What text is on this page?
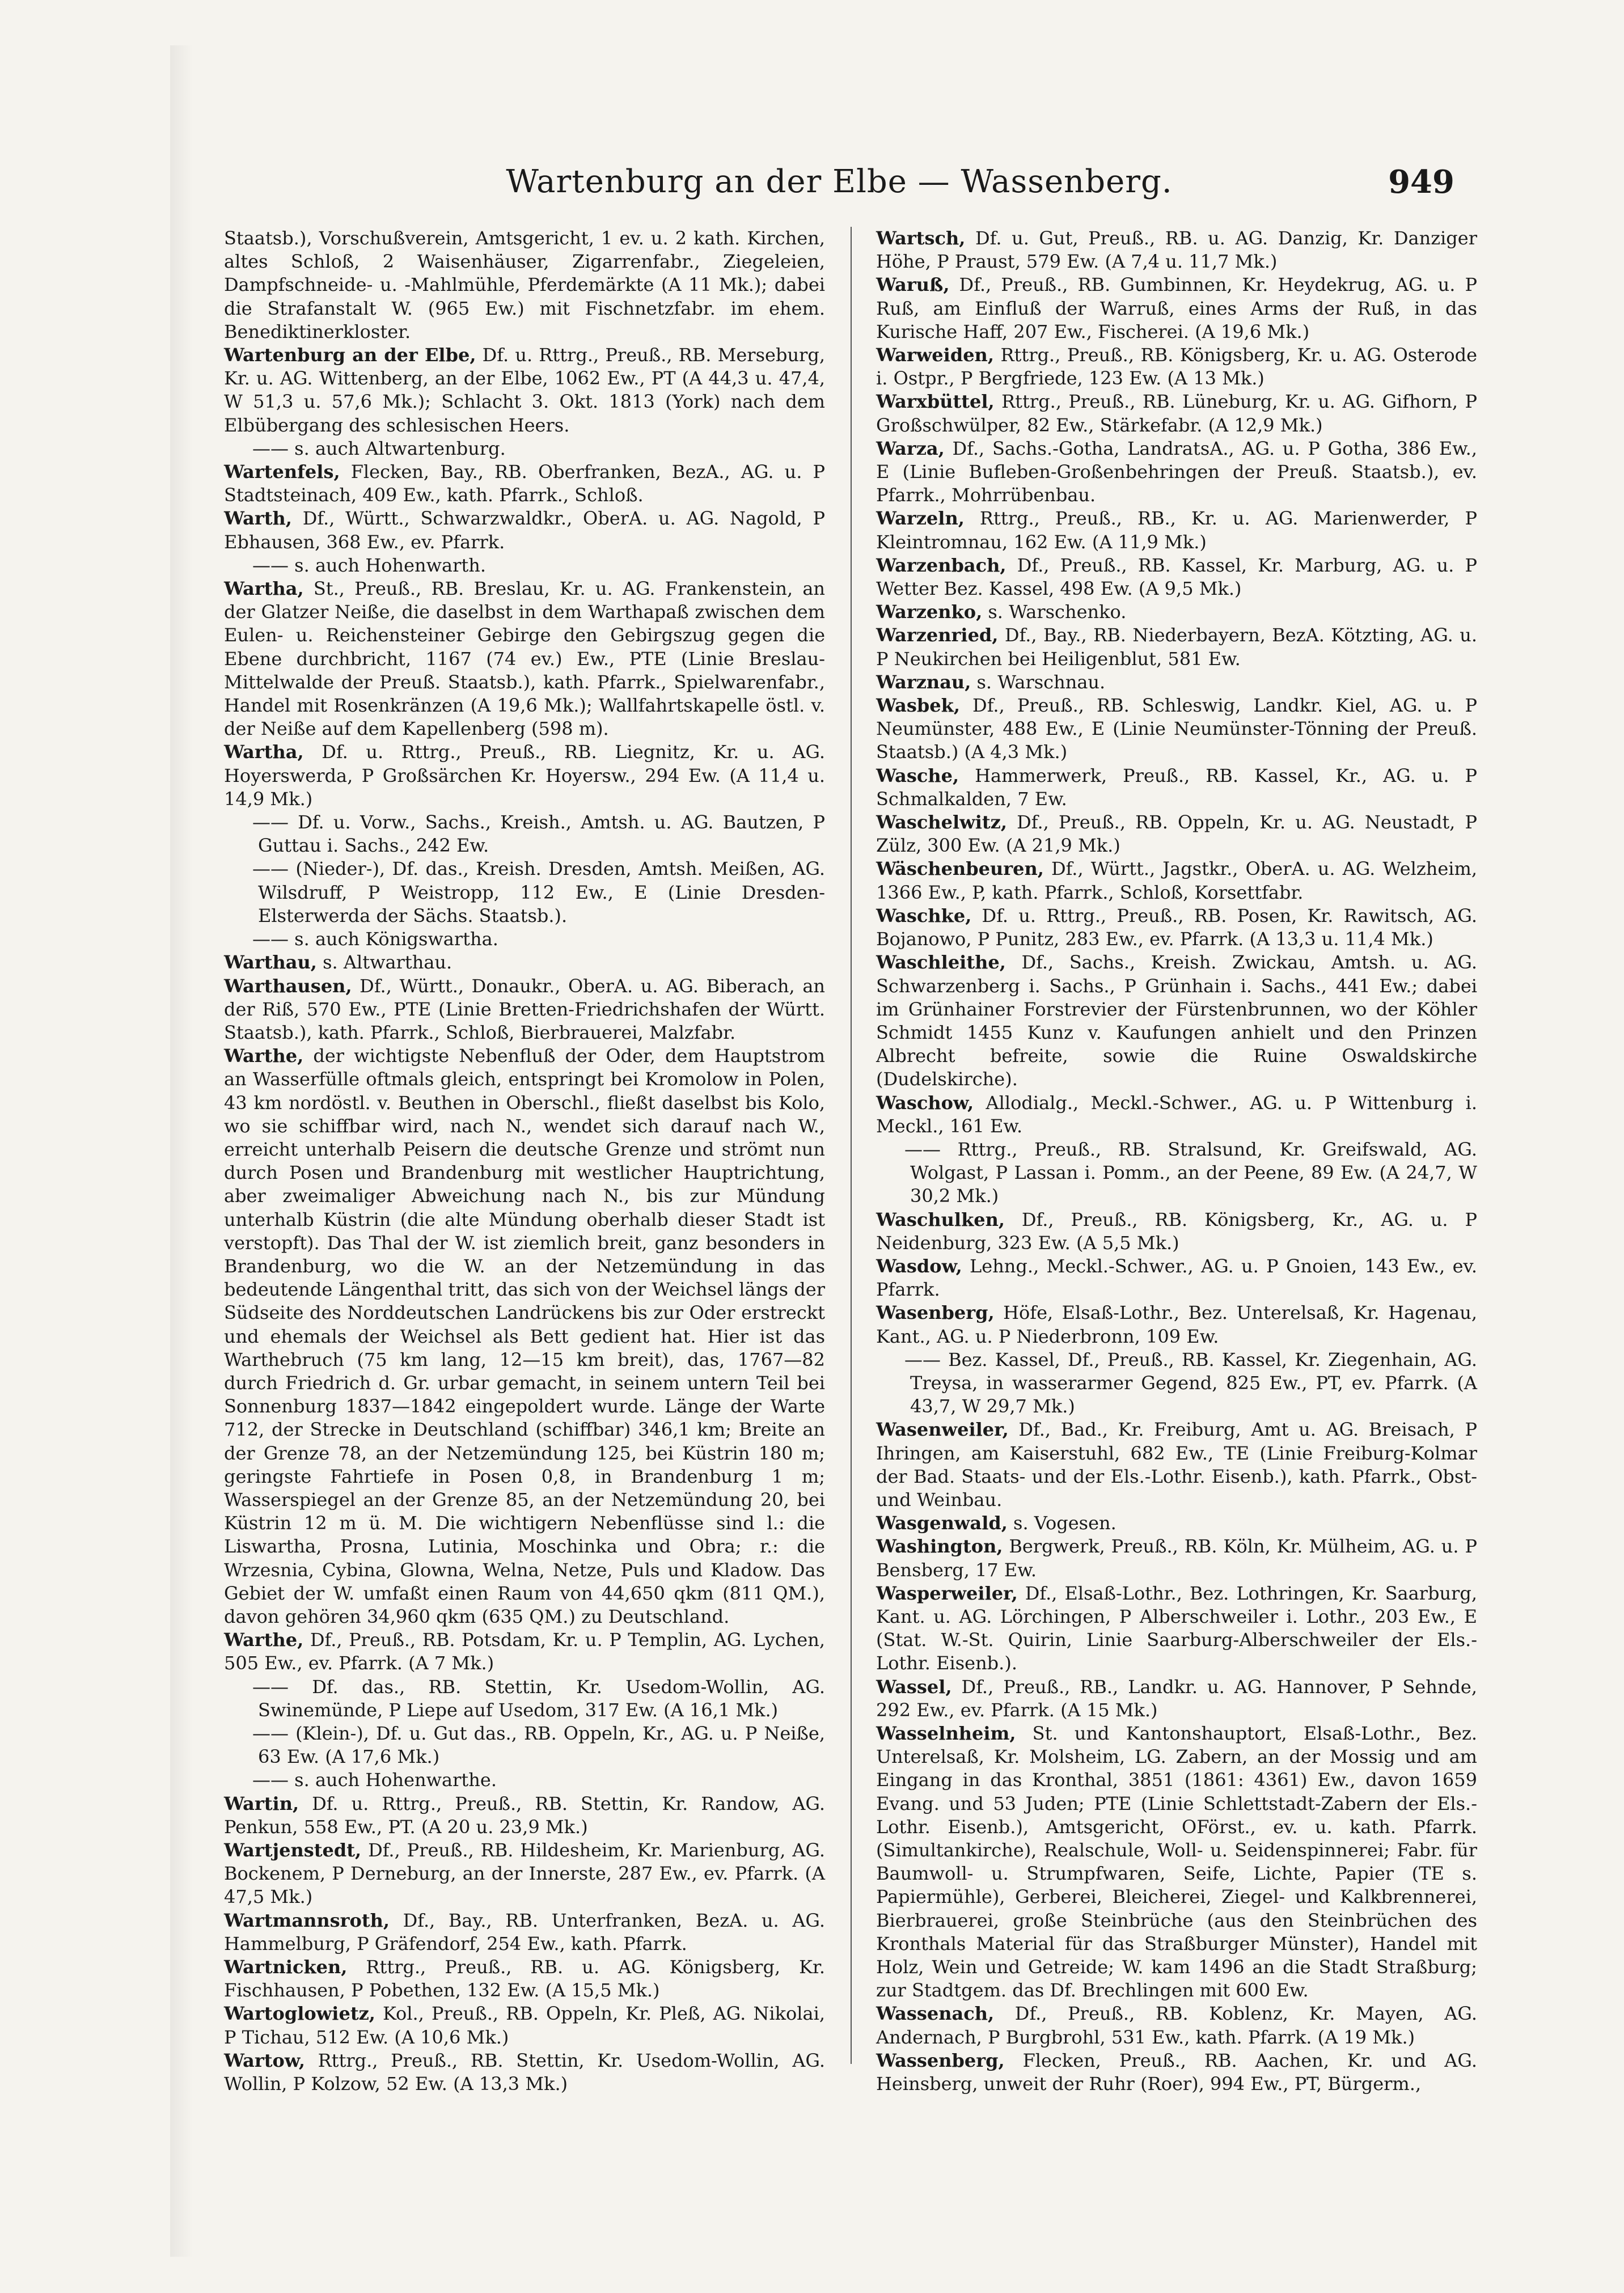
Wartenburg an der Elbe — Wassenberg.	949

Staatsb.), Vorschußverein, Amtsgericht, 1 ev. u. 2 kath. Kirchen, altes Schloß, 2 Waisenhäuser, Zigarrenfabr., Ziegeleien, Dampfschneide- u. -Mahlmühle, Pferdemärkte (A 11 Mk.); dabei die Strafanstalt W. (965 Ew.) mit Fischnetzfabr. im ehem. Benediktinerkloster.

Wartenburg an der Elbe, Df. u. Rttrg., Preuß., RB. Merseburg, Kr. u. AG. Wittenberg, an der Elbe, 1062 Ew., PT (A 44,3 u. 47,4, W 51,3 u. 57,6 Mk.); Schlacht 3. Okt. 1813 (York) nach dem Elbübergang des schlesischen Heers.

—— s. auch Altwartenburg.

Wartenfels, Flecken, Bay., RB. Oberfranken, BezA., AG. u. P Stadtsteinach, 409 Ew., kath. Pfarrk., Schloß.

Warth, Df., Württ., Schwarzwaldkr., OberA. u. AG. Nagold, P Ebhausen, 368 Ew., ev. Pfarrk.

—— s. auch Hohenwarth.

Wartha, St., Preuß., RB. Breslau, Kr. u. AG. Frankenstein, an der Glatzer Neiße, die daselbst in dem Warthapaß zwischen dem Eulen- u. Reichensteiner Gebirge den Gebirgszug gegen die Ebene durchbricht, 1167 (74 ev.) Ew., PTE (Linie Breslau-Mittelwalde der Preuß. Staatsb.), kath. Pfarrk., Spielwarenfabr., Handel mit Rosenkränzen (A 19,6 Mk.); Wallfahrtskapelle östl. v. der Neiße auf dem Kapellenberg (598 m).

Wartha, Df. u. Rttrg., Preuß., RB. Liegnitz, Kr. u. AG. Hoyerswerda, P Großsärchen Kr. Hoyersw., 294 Ew. (A 11,4 u. 14,9 Mk.)

—— Df. u. Vorw., Sachs., Kreish., Amtsh. u. AG. Bautzen, P Guttau i. Sachs., 242 Ew.

—— (Nieder-), Df. das., Kreish. Dresden, Amtsh. Meißen, AG. Wilsdruff, P Weistropp, 112 Ew., E (Linie Dresden-Elsterwerda der Sächs. Staatsb.).

—— s. auch Königswartha.

Warthau, s. Altwarthau.

Warthausen, Df., Württ., Donaukr., OberA. u. AG. Biberach, an der Riß, 570 Ew., PTE (Linie Bretten-Friedrichshafen der Württ. Staatsb.), kath. Pfarrk., Schloß, Bierbrauerei, Malzfabr.

Warthe, der wichtigste Nebenfluß der Oder, dem Hauptstrom an Wasserfülle oftmals gleich, entspringt bei Kromolow in Polen, 43 km nordöstl. v. Beuthen in Oberschl., fließt daselbst bis Kolo, wo sie schiffbar wird, nach N., wendet sich darauf nach W., erreicht unterhalb Peisern die deutsche Grenze und strömt nun durch Posen und Brandenburg mit westlicher Hauptrichtung, aber zweimaliger Abweichung nach N., bis zur Mündung unterhalb Küstrin (die alte Mündung oberhalb dieser Stadt ist verstopft). Das Thal der W. ist ziemlich breit, ganz besonders in Brandenburg, wo die W. an der Netzemündung in das bedeutende Längenthal tritt, das sich von der Weichsel längs der Südseite des Norddeutschen Landrückens bis zur Oder erstreckt und ehemals der Weichsel als Bett gedient hat. Hier ist das Warthebruch (75 km lang, 12—15 km breit), das, 1767—82 durch Friedrich d. Gr. urbar gemacht, in seinem untern Teil bei Sonnenburg 1837—1842 eingepoldert wurde. Länge der Warte 712, der Strecke in Deutschland (schiffbar) 346,1 km; Breite an der Grenze 78, an der Netzemündung 125, bei Küstrin 180 m; geringste Fahrtiefe in Posen 0,8, in Brandenburg 1 m; Wasserspiegel an der Grenze 85, an der Netzemündung 20, bei Küstrin 12 m ü. M. Die wichtigern Nebenflüsse sind l.: die Liswartha, Prosna, Lutinia, Moschinka und Obra; r.: die Wrzesnia, Cybina, Glowna, Welna, Netze, Puls und Kladow. Das Gebiet der W. umfaßt einen Raum von 44,650 qkm (811 QM.), davon gehören 34,960 qkm (635 QM.) zu Deutschland.

Warthe, Df., Preuß., RB. Potsdam, Kr. u. P Templin, AG. Lychen, 505 Ew., ev. Pfarrk. (A 7 Mk.)

—— Df. das., RB. Stettin, Kr. Usedom-Wollin, AG. Swinemünde, P Liepe auf Usedom, 317 Ew. (A 16,1 Mk.)

—— (Klein-), Df. u. Gut das., RB. Oppeln, Kr., AG. u. P Neiße, 63 Ew. (A 17,6 Mk.)

—— s. auch Hohenwarthe.

Wartin, Df. u. Rttrg., Preuß., RB. Stettin, Kr. Randow, AG. Penkun, 558 Ew., PT. (A 20 u. 23,9 Mk.)

Wartjenstedt, Df., Preuß., RB. Hildesheim, Kr. Marienburg, AG. Bockenem, P Derneburg, an der Innerste, 287 Ew., ev. Pfarrk. (A 47,5 Mk.)

Wartmannsroth, Df., Bay., RB. Unterfranken, BezA. u. AG. Hammelburg, P Gräfendorf, 254 Ew., kath. Pfarrk.

Wartnicken, Rttrg., Preuß., RB. u. AG. Königsberg, Kr. Fischhausen, P Pobethen, 132 Ew. (A 15,5 Mk.)

Wartoglowietz, Kol., Preuß., RB. Oppeln, Kr. Pleß, AG. Nikolai, P Tichau, 512 Ew. (A 10,6 Mk.)

Wartow, Rttrg., Preuß., RB. Stettin, Kr. Usedom-Wollin, AG. Wollin, P Kolzow, 52 Ew. (A 13,3 Mk.)

Wartsch, Df. u. Gut, Preuß., RB. u. AG. Danzig, Kr. Danziger Höhe, P Praust, 579 Ew. (A 7,4 u. 11,7 Mk.)

Waruß, Df., Preuß., RB. Gumbinnen, Kr. Heydekrug, AG. u. P Ruß, am Einfluß der Warruß, eines Arms der Ruß, in das Kurische Haff, 207 Ew., Fischerei. (A 19,6 Mk.)

Warweiden, Rttrg., Preuß., RB. Königsberg, Kr. u. AG. Osterode i. Ostpr., P Bergfriede, 123 Ew. (A 13 Mk.)

Warxbüttel, Rttrg., Preuß., RB. Lüneburg, Kr. u. AG. Gifhorn, P Großschwülper, 82 Ew., Stärkefabr. (A 12,9 Mk.)

Warza, Df., Sachs.-Gotha, LandratsA., AG. u. P Gotha, 386 Ew., E (Linie Bufleben-Großenbehringen der Preuß. Staatsb.), ev. Pfarrk., Mohrrübenbau.

Warzeln, Rttrg., Preuß., RB., Kr. u. AG. Marienwerder, P Kleintromnau, 162 Ew. (A 11,9 Mk.)

Warzenbach, Df., Preuß., RB. Kassel, Kr. Marburg, AG. u. P Wetter Bez. Kassel, 498 Ew. (A 9,5 Mk.)

Warzenko, s. Warschenko.

Warzenried, Df., Bay., RB. Niederbayern, BezA. Kötzting, AG. u. P Neukirchen bei Heiligenblut, 581 Ew.

Warznau, s. Warschnau.

Wasbek, Df., Preuß., RB. Schleswig, Landkr. Kiel, AG. u. P Neumünster, 488 Ew., E (Linie Neumünster-Tönning der Preuß. Staatsb.) (A 4,3 Mk.)

Wasche, Hammerwerk, Preuß., RB. Kassel, Kr., AG. u. P Schmalkalden, 7 Ew.

Waschelwitz, Df., Preuß., RB. Oppeln, Kr. u. AG. Neustadt, P Zülz, 300 Ew. (A 21,9 Mk.)

Wäschenbeuren, Df., Württ., Jagstkr., OberA. u. AG. Welzheim, 1366 Ew., P, kath. Pfarrk., Schloß, Korsettfabr.

Waschke, Df. u. Rttrg., Preuß., RB. Posen, Kr. Rawitsch, AG. Bojanowo, P Punitz, 283 Ew., ev. Pfarrk. (A 13,3 u. 11,4 Mk.)

Waschleithe, Df., Sachs., Kreish. Zwickau, Amtsh. u. AG. Schwarzenberg i. Sachs., P Grünhain i. Sachs., 441 Ew.; dabei im Grünhainer Forstrevier der Fürstenbrunnen, wo der Köhler Schmidt 1455 Kunz v. Kaufungen anhielt und den Prinzen Albrecht befreite, sowie die Ruine Oswaldskirche (Dudelskirche).

Waschow, Allodialg., Meckl.-Schwer., AG. u. P Wittenburg i. Meckl., 161 Ew.

—— Rttrg., Preuß., RB. Stralsund, Kr. Greifswald, AG. Wolgast, P Lassan i. Pomm., an der Peene, 89 Ew. (A 24,7, W 30,2 Mk.)

Waschulken, Df., Preuß., RB. Königsberg, Kr., AG. u. P Neidenburg, 323 Ew. (A 5,5 Mk.)

Wasdow, Lehng., Meckl.-Schwer., AG. u. P Gnoien, 143 Ew., ev. Pfarrk.

Wasenberg, Höfe, Elsaß-Lothr., Bez. Unterelsaß, Kr. Hagenau, Kant., AG. u. P Niederbronn, 109 Ew.

—— Bez. Kassel, Df., Preuß., RB. Kassel, Kr. Ziegenhain, AG. Treysa, in wasserarmer Gegend, 825 Ew., PT, ev. Pfarrk. (A 43,7, W 29,7 Mk.)

Wasenweiler, Df., Bad., Kr. Freiburg, Amt u. AG. Breisach, P Ihringen, am Kaiserstuhl, 682 Ew., TE (Linie Freiburg-Kolmar der Bad. Staats- und der Els.-Lothr. Eisenb.), kath. Pfarrk., Obst- und Weinbau.

Wasgenwald, s. Vogesen.

Washington, Bergwerk, Preuß., RB. Köln, Kr. Mülheim, AG. u. P Bensberg, 17 Ew.

Wasperweiler, Df., Elsaß-Lothr., Bez. Lothringen, Kr. Saarburg, Kant. u. AG. Lörchingen, P Alberschweiler i. Lothr., 203 Ew., E (Stat. W.-St. Quirin, Linie Saarburg-Alberschweiler der Els.-Lothr. Eisenb.).

Wassel, Df., Preuß., RB., Landkr. u. AG. Hannover, P Sehnde, 292 Ew., ev. Pfarrk. (A 15 Mk.)

Wasselnheim, St. und Kantonshauptort, Elsaß-Lothr., Bez. Unterelsaß, Kr. Molsheim, LG. Zabern, an der Mossig und am Eingang in das Kronthal, 3851 (1861: 4361) Ew., davon 1659 Evang. und 53 Juden; PTE (Linie Schlettstadt-Zabern der Els.-Lothr. Eisenb.), Amtsgericht, OFörst., ev. u. kath. Pfarrk. (Simultankirche), Realschule, Woll- u. Seidenspinnerei; Fabr. für Baumwoll- u. Strumpfwaren, Seife, Lichte, Papier (TE s. Papiermühle), Gerberei, Bleicherei, Ziegel- und Kalkbrennerei, Bierbrauerei, große Steinbrüche (aus den Steinbrüchen des Kronthals Material für das Straßburger Münster), Handel mit Holz, Wein und Getreide; W. kam 1496 an die Stadt Straßburg; zur Stadtgem. das Df. Brechlingen mit 600 Ew.

Wassenach, Df., Preuß., RB. Koblenz, Kr. Mayen, AG. Andernach, P Burgbrohl, 531 Ew., kath. Pfarrk. (A 19 Mk.)

Wassenberg, Flecken, Preuß., RB. Aachen, Kr. und AG. Heinsberg, unweit der Ruhr (Roer), 994 Ew., PT, Bürgerm.,
